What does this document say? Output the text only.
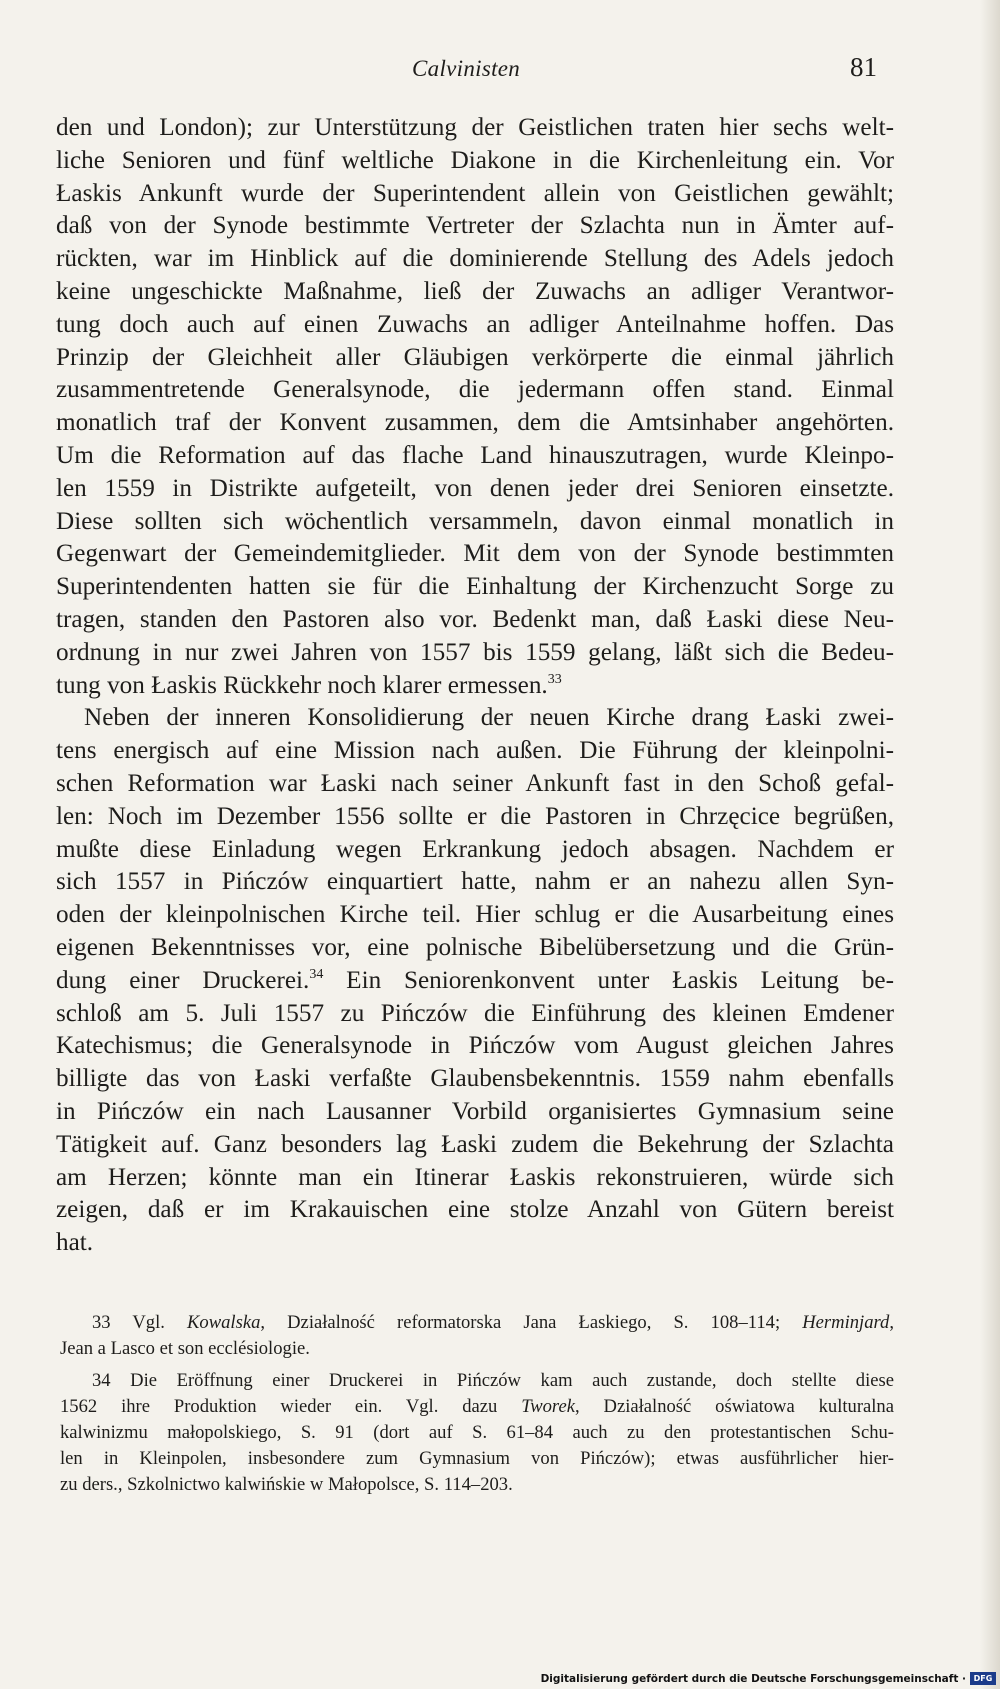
Calvinisten	81
den und London); zur Unterstützung der Geistlichen traten hier sechs welt-
liche Senioren und fünf weltliche Diakone in die Kirchenleitung ein. Vor
Łaskis Ankunft wurde der Superintendent allein von Geistlichen gewählt;
daß von der Synode bestimmte Vertreter der Szlachta nun in Ämter auf-
rückten, war im Hinblick auf die dominierende Stellung des Adels jedoch
keine ungeschickte Maßnahme, ließ der Zuwachs an adliger Verantwor-
tung doch auch auf einen Zuwachs an adliger Anteilnahme hoffen. Das
Prinzip der Gleichheit aller Gläubigen verkörperte die einmal jährlich
zusammentretende Generalsynode, die jedermann offen stand. Einmal
monatlich traf der Konvent zusammen, dem die Amtsinhaber angehörten.
Um die Reformation auf das flache Land hinauszutragen, wurde Kleinpo-
len 1559 in Distrikte aufgeteilt, von denen jeder drei Senioren einsetzte.
Diese sollten sich wöchentlich versammeln, davon einmal monatlich in
Gegenwart der Gemeindemitglieder. Mit dem von der Synode bestimmten
Superintendenten hatten sie für die Einhaltung der Kirchenzucht Sorge zu
tragen, standen den Pastoren also vor. Bedenkt man, daß Łaski diese Neu-
ordnung in nur zwei Jahren von 1557 bis 1559 gelang, läßt sich die Bedeu-
tung von Łaskis Rückkehr noch klarer ermessen.$^{33}$
Neben der inneren Konsolidierung der neuen Kirche drang Łaski zwei-
tens energisch auf eine Mission nach außen. Die Führung der kleinpolni-
schen Reformation war Łaski nach seiner Ankunft fast in den Schoß gefal-
len: Noch im Dezember 1556 sollte er die Pastoren in Chrzęcice begrüßen,
mußte diese Einladung wegen Erkrankung jedoch absagen. Nachdem er
sich 1557 in Pińczów einquartiert hatte, nahm er an nahezu allen Syn-
oden der kleinpolnischen Kirche teil. Hier schlug er die Ausarbeitung eines
eigenen Bekenntnisses vor, eine polnische Bibelübersetzung und die Grün-
dung einer Druckerei.$^{34}$ Ein Seniorenkonvent unter Łaskis Leitung be-
schloß am 5. Juli 1557 zu Pińczów die Einführung des kleinen Emdener
Katechismus; die Generalsynode in Pińczów vom August gleichen Jahres
billigte das von Łaski verfaßte Glaubensbekenntnis. 1559 nahm ebenfalls
in Pińczów ein nach Lausanner Vorbild organisiertes Gymnasium seine
Tätigkeit auf. Ganz besonders lag Łaski zudem die Bekehrung der Szlachta
am Herzen; könnte man ein Itinerar Łaskis rekonstruieren, würde sich
zeigen, daß er im Krakauischen eine stolze Anzahl von Gütern bereist
hat.
33 Vgl. Kowalska, Działalność reformatorska Jana Łaskiego, S. 108–114; Herminjard,
Jean a Lasco et son ecclésiologie.
34 Die Eröffnung einer Druckerei in Pińczów kam auch zustande, doch stellte diese
1562 ihre Produktion wieder ein. Vgl. dazu Tworek, Działalność oświatowa kulturalna
kalwinizmu małopolskiego, S. 91 (dort auf S. 61–84 auch zu den protestantischen Schu-
len in Kleinpolen, insbesondere zum Gymnasium von Pińczów); etwas ausführlicher hier-
zu ders., Szkolnictwo kalwińskie w Małopolsce, S. 114–203.
Digitalisierung gefördert durch die Deutsche Forschungsgemeinschaft · DFG
